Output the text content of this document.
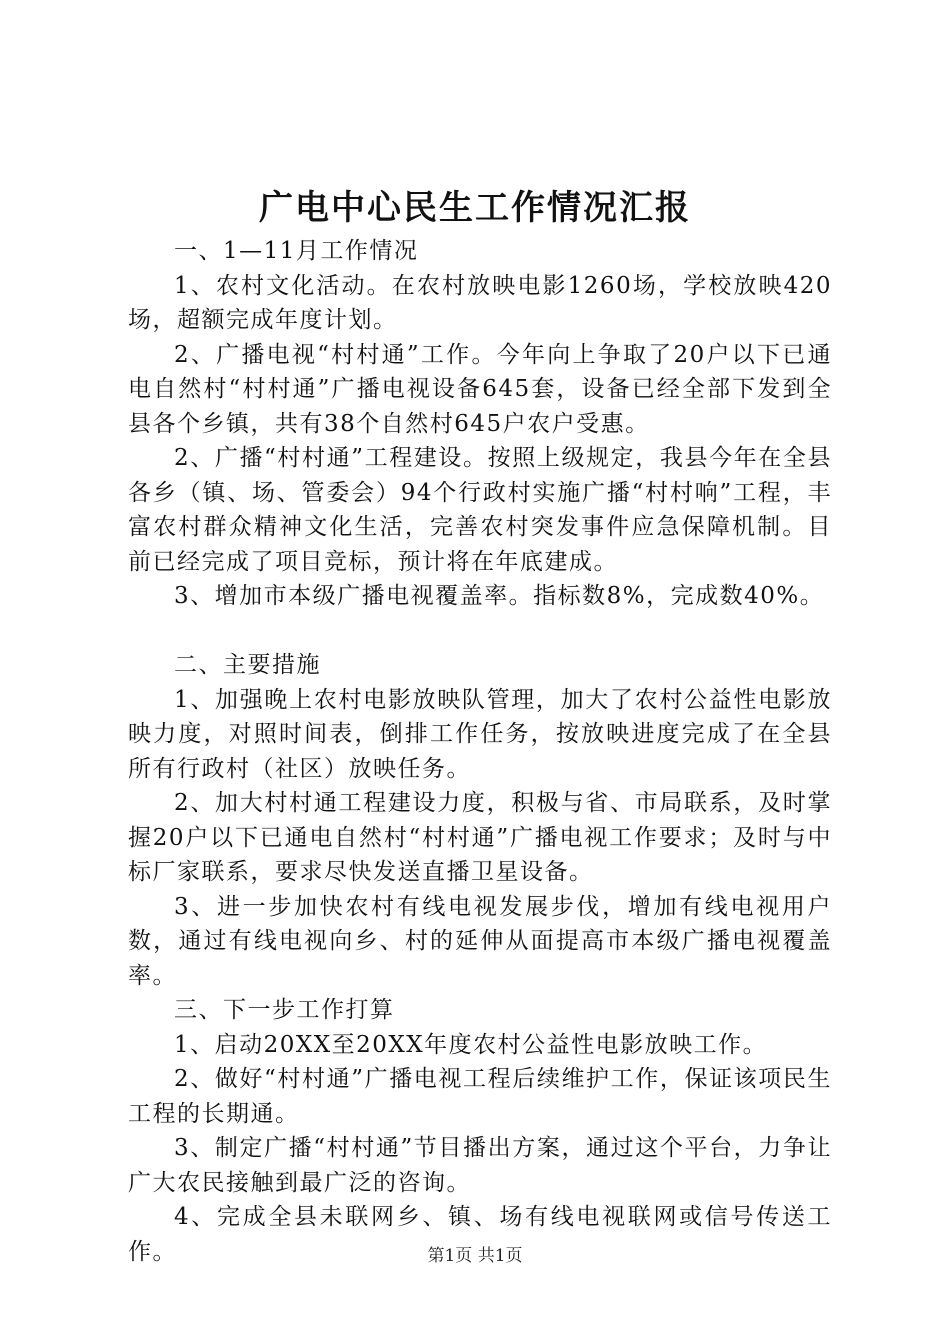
广电中心民生工作情况汇报

一、1—11月工作情况

1、农村文化活动。在农村放映电影1260场，学校放映420场，超额完成年度计划。

2、广播电视“村村通”工作。今年向上争取了20户以下已通电自然村“村村通”广播电视设备645套，设备已经全部下发到全县各个乡镇，共有38个自然村645户农户受惠。

2、广播“村村通”工程建设。按照上级规定，我县今年在全县各乡（镇、场、管委会）94个行政村实施广播“村村响”工程，丰富农村群众精神文化生活，完善农村突发事件应急保障机制。目前已经完成了项目竞标，预计将在年底建成。

3、增加市本级广播电视覆盖率。指标数8%，完成数40%。

二、主要措施

1、加强晚上农村电影放映队管理，加大了农村公益性电影放映力度，对照时间表，倒排工作任务，按放映进度完成了在全县所有行政村（社区）放映任务。

2、加大村村通工程建设力度，积极与省、市局联系，及时掌握20户以下已通电自然村“村村通”广播电视工作要求；及时与中标厂家联系，要求尽快发送直播卫星设备。

3、进一步加快农村有线电视发展步伐，增加有线电视用户数，通过有线电视向乡、村的延伸从面提高市本级广播电视覆盖率。

三、下一步工作打算

1、启动20XX至20XX年度农村公益性电影放映工作。

2、做好“村村通”广播电视工程后续维护工作，保证该项民生工程的长期通。

3、制定广播“村村通”节目播出方案，通过这个平台，力争让广大农民接触到最广泛的咨询。

4、完成全县未联网乡、镇、场有线电视联网或信号传送工作。	第1页 共1页
